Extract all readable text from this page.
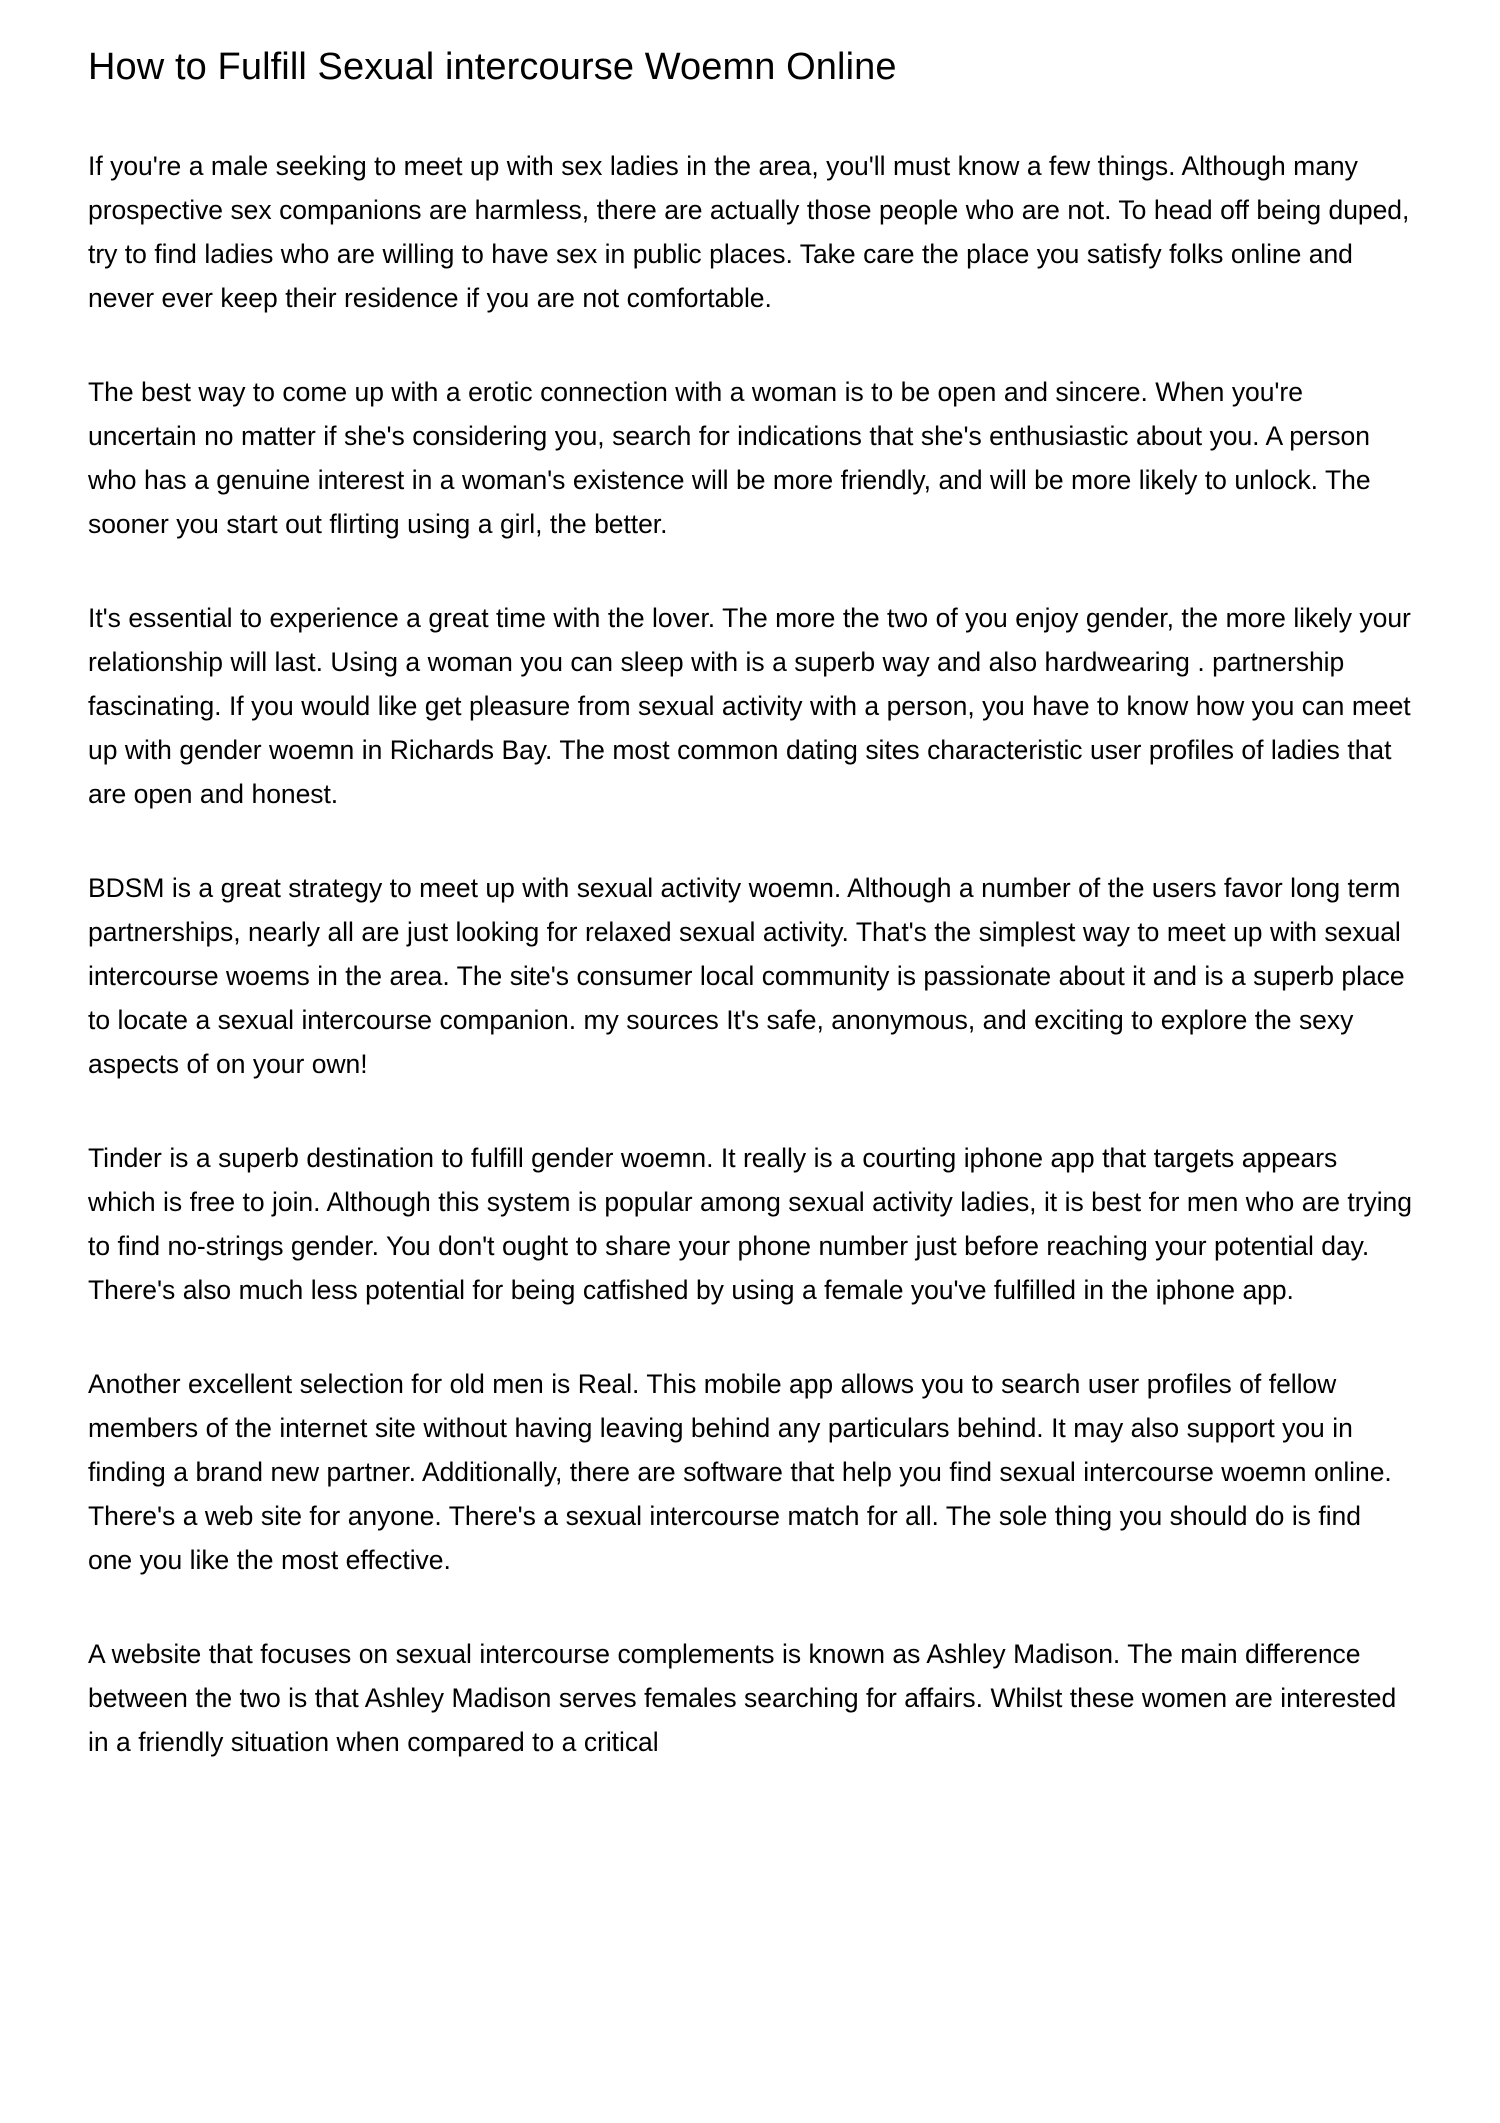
How to Fulfill Sexual intercourse Woemn Online

If you're a male seeking to meet up with sex ladies in the area, you'll must know a few things. Although many prospective sex companions are harmless, there are actually those people who are not. To head off being duped, try to find ladies who are willing to have sex in public places. Take care the place you satisfy folks online and never ever keep their residence if you are not comfortable.

The best way to come up with a erotic connection with a woman is to be open and sincere. When you're uncertain no matter if she's considering you, search for indications that she's enthusiastic about you. A person who has a genuine interest in a woman's existence will be more friendly, and will be more likely to unlock. The sooner you start out flirting using a girl, the better.

It's essential to experience a great time with the lover. The more the two of you enjoy gender, the more likely your relationship will last. Using a woman you can sleep with is a superb way and also hardwearing . partnership fascinating. If you would like get pleasure from sexual activity with a person, you have to know how you can meet up with gender woemn in Richards Bay. The most common dating sites characteristic user profiles of ladies that are open and honest.

BDSM is a great strategy to meet up with sexual activity woemn. Although a number of the users favor long term partnerships, nearly all are just looking for relaxed sexual activity. That's the simplest way to meet up with sexual intercourse woems in the area. The site's consumer local community is passionate about it and is a superb place to locate a sexual intercourse companion. my sources It's safe, anonymous, and exciting to explore the sexy aspects of on your own!

Tinder is a superb destination to fulfill gender woemn. It really is a courting iphone app that targets appears which is free to join. Although this system is popular among sexual activity ladies, it is best for men who are trying to find no-strings gender. You don't ought to share your phone number just before reaching your potential day. There's also much less potential for being catfished by using a female you've fulfilled in the iphone app.

Another excellent selection for old men is Real. This mobile app allows you to search user profiles of fellow members of the internet site without having leaving behind any particulars behind. It may also support you in finding a brand new partner. Additionally, there are software that help you find sexual intercourse woemn online. There's a web site for anyone. There's a sexual intercourse match for all. The sole thing you should do is find one you like the most effective.

A website that focuses on sexual intercourse complements is known as Ashley Madison. The main difference between the two is that Ashley Madison serves females searching for affairs. Whilst these women are interested in a friendly situation when compared to a critical
